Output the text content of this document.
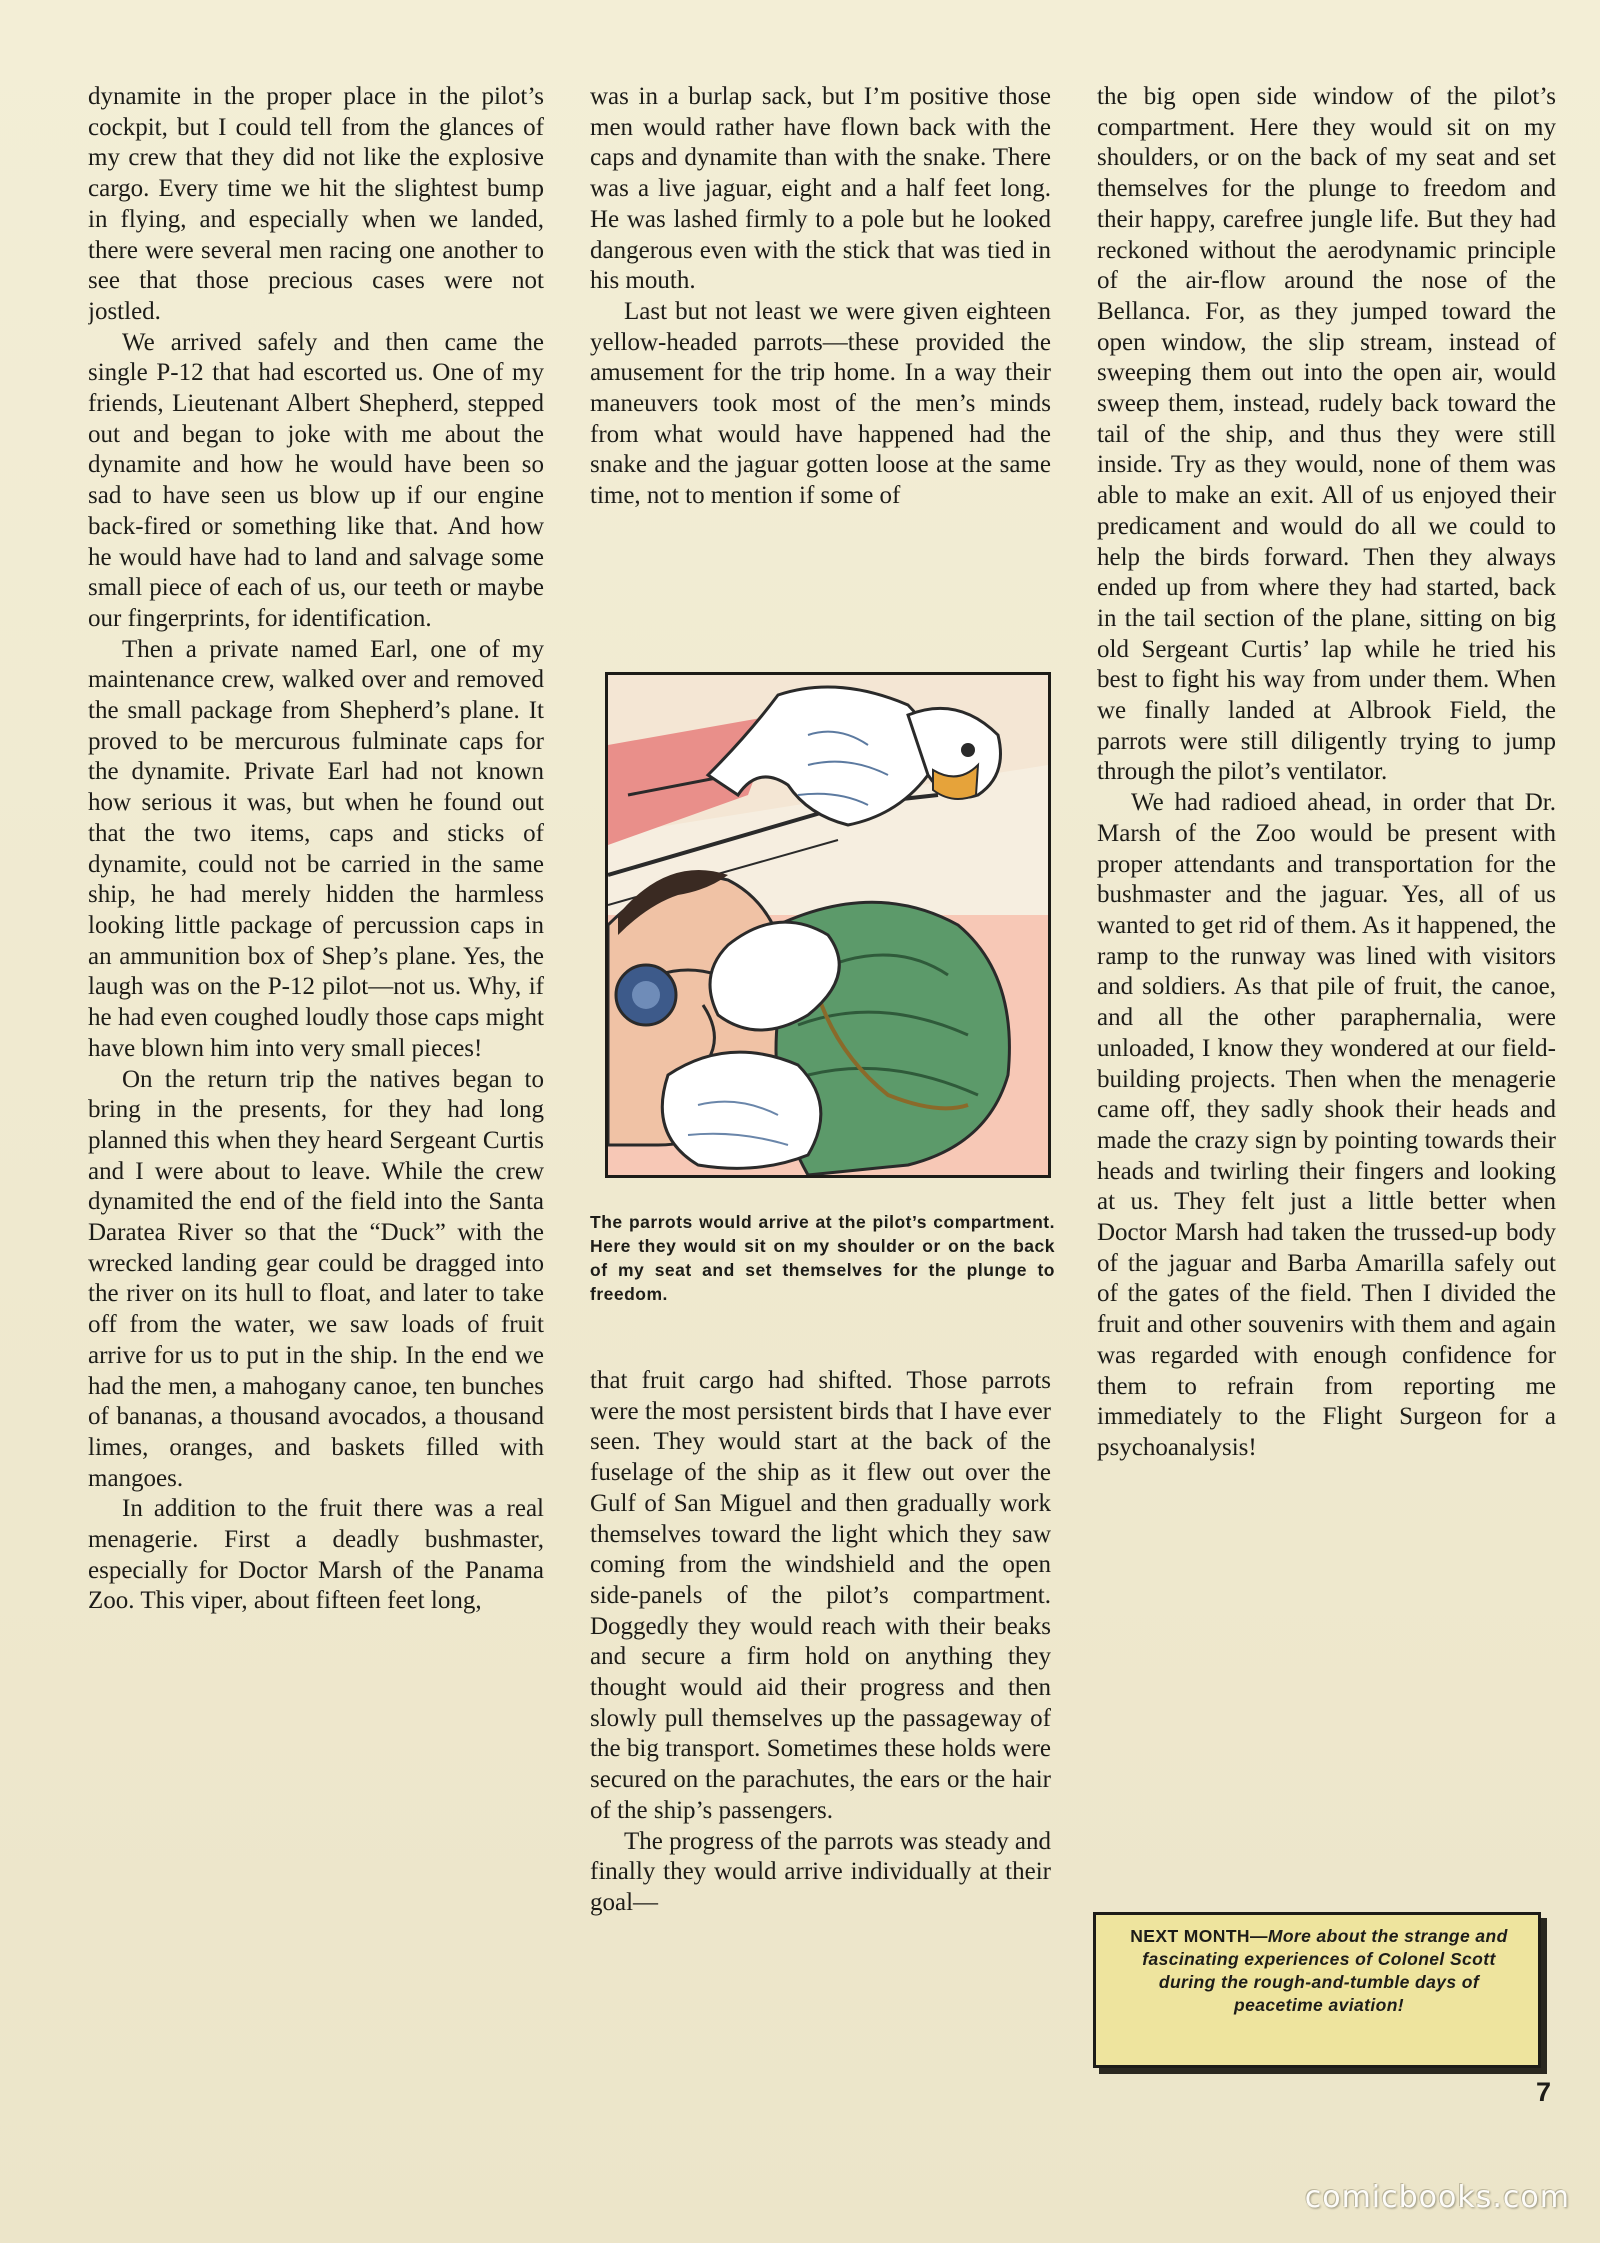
dynamite in the proper place in the pilot’s cockpit, but I could tell from the glances of my crew that they did not like the explosive cargo. Every time we hit the slightest bump in flying, and especially when we landed, there were several men racing one another to see that those precious cases were not jostled.

We arrived safely and then came the single P-12 that had escorted us. One of my friends, Lieutenant Albert Shepherd, stepped out and began to joke with me about the dynamite and how he would have been so sad to have seen us blow up if our engine back-fired or something like that. And how he would have had to land and salvage some small piece of each of us, our teeth or maybe our fingerprints, for identification.

Then a private named Earl, one of my maintenance crew, walked over and removed the small package from Shepherd’s plane. It proved to be mercurous fulminate caps for the dynamite. Private Earl had not known how serious it was, but when he found out that the two items, caps and sticks of dynamite, could not be carried in the same ship, he had merely hidden the harmless looking little package of percussion caps in an ammunition box of Shep’s plane. Yes, the laugh was on the P-12 pilot—not us. Why, if he had even coughed loudly those caps might have blown him into very small pieces!

On the return trip the natives began to bring in the presents, for they had long planned this when they heard Sergeant Curtis and I were about to leave. While the crew dynamited the end of the field into the Santa Daratea River so that the “Duck” with the wrecked landing gear could be dragged into the river on its hull to float, and later to take off from the water, we saw loads of fruit arrive for us to put in the ship. In the end we had the men, a mahogany canoe, ten bunches of bananas, a thousand avocados, a thousand limes, oranges, and baskets filled with mangoes.

In addition to the fruit there was a real menagerie. First a deadly bushmaster, especially for Doctor Marsh of the Panama Zoo. This viper, about fifteen feet long,

was in a burlap sack, but I’m positive those men would rather have flown back with the caps and dynamite than with the snake. There was a live jaguar, eight and a half feet long. He was lashed firmly to a pole but he looked dangerous even with the stick that was tied in his mouth.

Last but not least we were given eighteen yellow-headed parrots—these provided the amusement for the trip home. In a way their maneuvers took most of the men’s minds from what would have happened had the snake and the jaguar gotten loose at the same time, not to mention if some of

The parrots would arrive at the pilot’s compartment. Here they would sit on my shoulder or on the back of my seat and set themselves for the plunge to freedom.

that fruit cargo had shifted. Those parrots were the most persistent birds that I have ever seen. They would start at the back of the fuselage of the ship as it flew out over the Gulf of San Miguel and then gradually work themselves toward the light which they saw coming from the windshield and the open side-panels of the pilot’s compartment. Doggedly they would reach with their beaks and secure a firm hold on anything they thought would aid their progress and then slowly pull themselves up the passageway of the big transport. Sometimes these holds were secured on the parachutes, the ears or the hair of the ship’s passengers.

The progress of the parrots was steady and finally they would arrive individually at their goal—

the big open side window of the pilot’s compartment. Here they would sit on my shoulders, or on the back of my seat and set themselves for the plunge to freedom and their happy, carefree jungle life. But they had reckoned without the aerodynamic principle of the air-flow around the nose of the Bellanca. For, as they jumped toward the open window, the slip stream, instead of sweeping them out into the open air, would sweep them, instead, rudely back toward the tail of the ship, and thus they were still inside. Try as they would, none of them was able to make an exit. All of us enjoyed their predicament and would do all we could to help the birds forward. Then they always ended up from where they had started, back in the tail section of the plane, sitting on big old Sergeant Curtis’ lap while he tried his best to fight his way from under them. When we finally landed at Albrook Field, the parrots were still diligently trying to jump through the pilot’s ventilator.

We had radioed ahead, in order that Dr. Marsh of the Zoo would be present with proper attendants and transportation for the bushmaster and the jaguar. Yes, all of us wanted to get rid of them. As it happened, the ramp to the runway was lined with visitors and soldiers. As that pile of fruit, the canoe, and all the other paraphernalia, were unloaded, I know they wondered at our field-building projects. Then when the menagerie came off, they sadly shook their heads and made the crazy sign by pointing towards their heads and twirling their fingers and looking at us. They felt just a little better when Doctor Marsh had taken the trussed-up body of the jaguar and Barba Amarilla safely out of the gates of the field. Then I divided the fruit and other souvenirs with them and again was regarded with enough confidence for them to refrain from reporting me immediately to the Flight Surgeon for a psychoanalysis!

NEXT MONTH—More about the strange and fascinating experiences of Colonel Scott during the rough-and-tumble days of peacetime aviation!
7
comicbooks.com
